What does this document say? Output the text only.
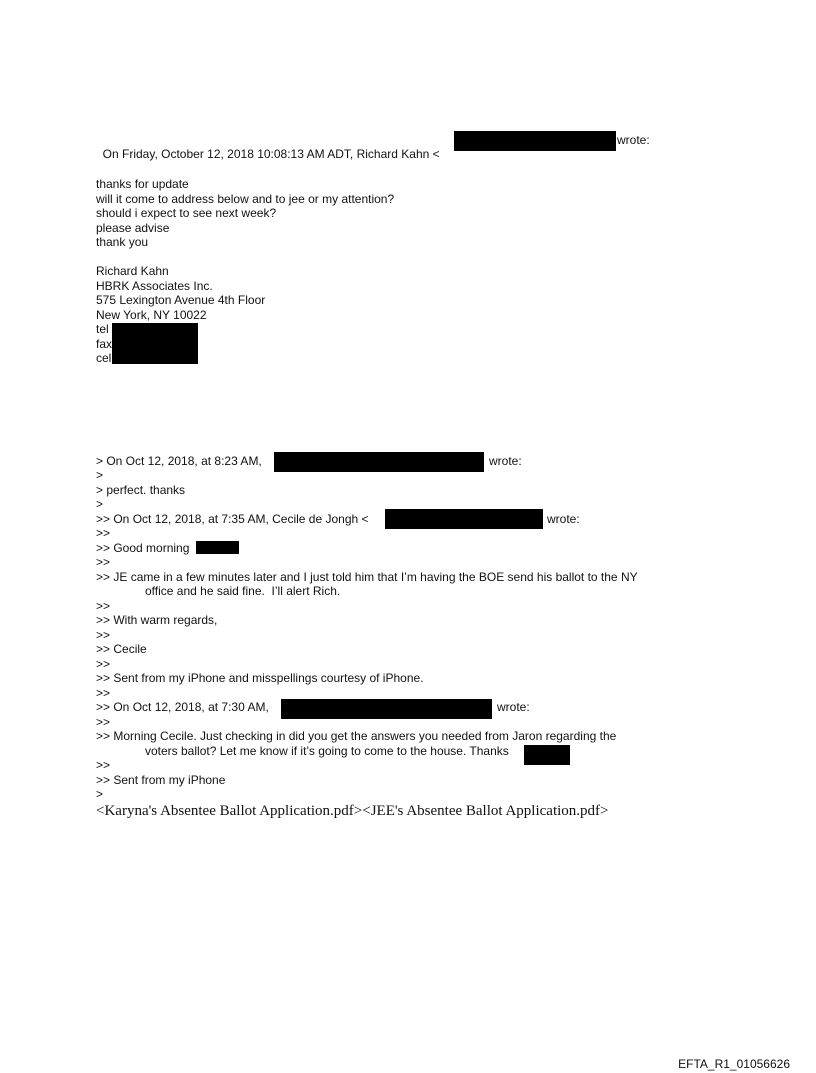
On Friday, October 12, 2018 10:08:13 AM ADT, Richard Kahn <

wrote:
thanks for update
will it come to address below and to jee or my attention?
should i expect to see next week?
please advise
thank you
Richard Kahn
HBRK Associates Inc.
575 Lexington Avenue 4th Floor
New York, NY 10022
tel
fax
cel
> On Oct 12, 2018, at 8:23 AM,	wrote:
>
> perfect. thanks
>
>> On Oct 12, 2018, at 7:35 AM, Cecile de Jongh <	wrote:
>>
>> Good morning
>>
>> JE came in a few minutes later and I just told him that I’m having the BOE send his ballot to the NY
office and he said fine.  I’ll alert Rich.
>>
>> With warm regards,
>>
>> Cecile
>>
>> Sent from my iPhone and misspellings courtesy of iPhone.
>>
>> On Oct 12, 2018, at 7:30 AM,	wrote:
>>
>> Morning Cecile. Just checking in did you get the answers you needed from Jaron regarding the
voters ballot? Let me know if it’s going to come to the house. Thanks
>>
>> Sent from my iPhone
>
<Karyna's Absentee Ballot Application.pdf><JEE's Absentee Ballot Application.pdf>
EFTA_R1_01056626
